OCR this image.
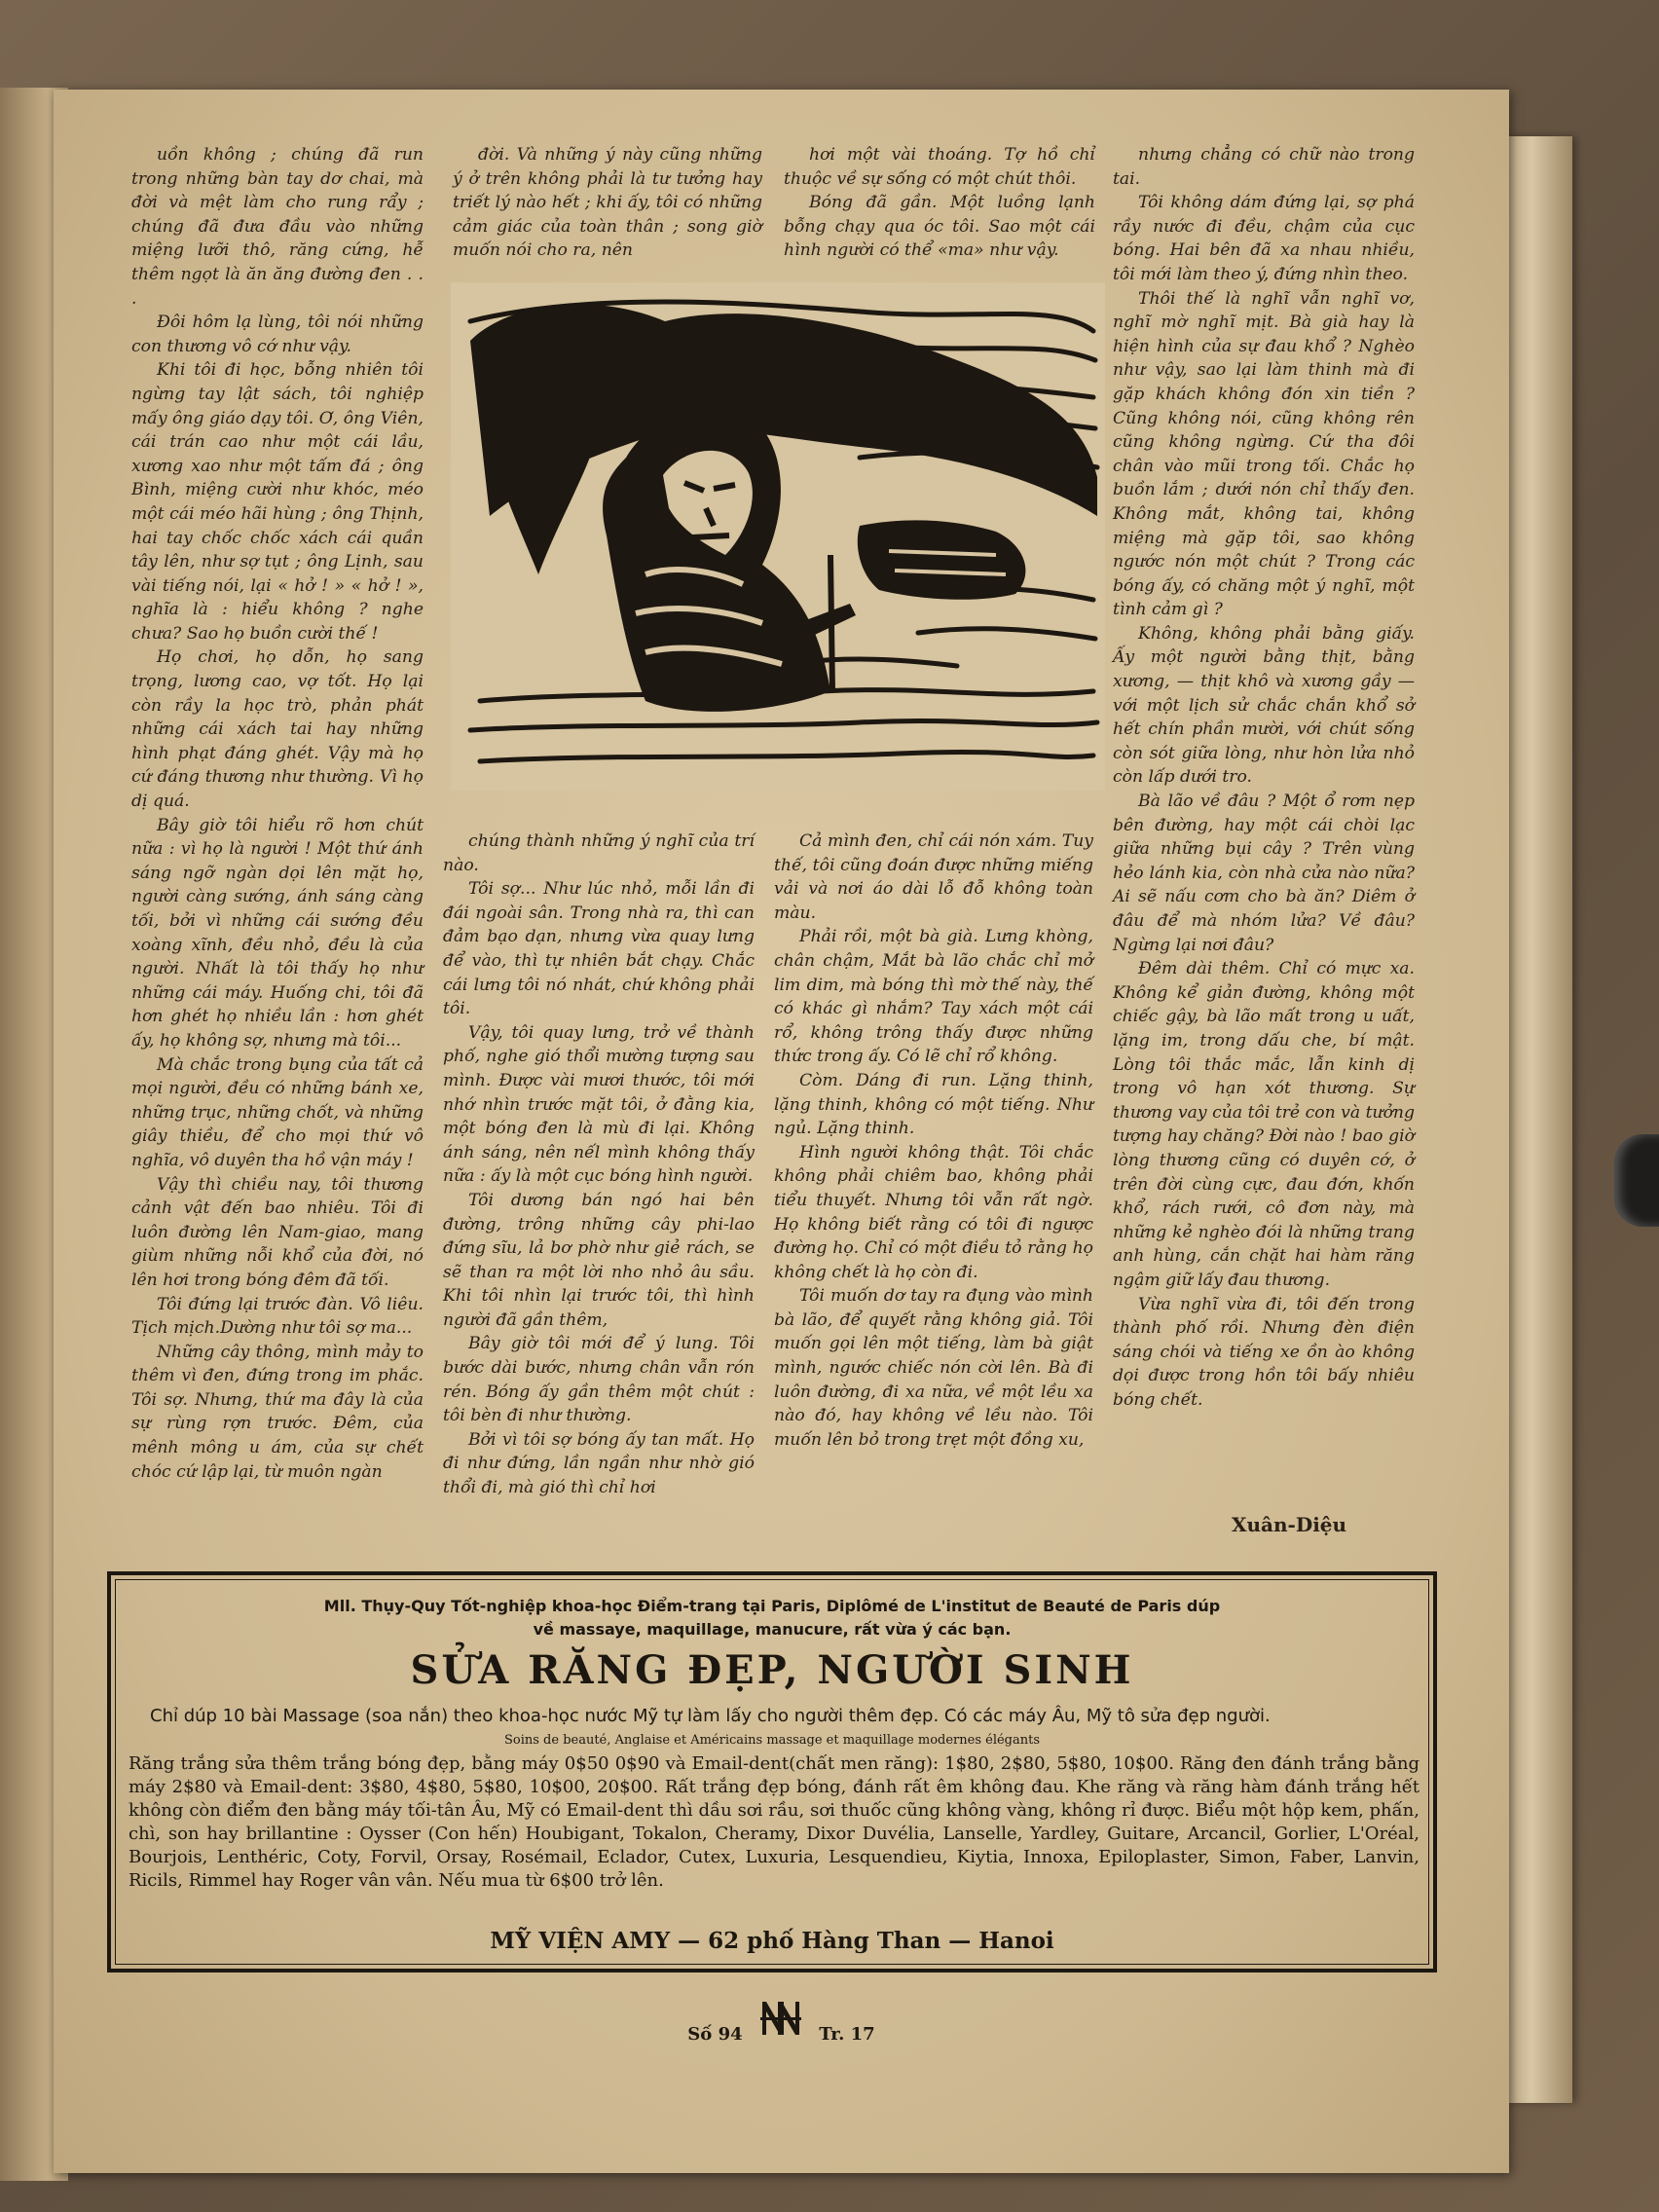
uồn không ; chúng đã run trong những bàn tay dơ chai, mà đời và mệt làm cho rung rẩy ; chúng đã đưa đầu vào những miệng lưỡi thô, răng cứng, hễ thêm ngọt là ăn ăng đường đen . . .

Đôi hôm lạ lùng, tôi nói những con thương vô cớ như vậy.

Khi tôi đi học, bỗng nhiên tôi ngừng tay lật sách, tôi nghiệp mấy ông giáo dạy tôi. Ơ, ông Viên, cái trán cao như một cái lầu, xương xao như một tấm đá ; ông Bình, miệng cười như khóc, méo một cái méo hãi hùng ; ông Thịnh, hai tay chốc chốc xách cái quần tây lên, như sợ tụt ; ông Lịnh, sau vài tiếng nói, lại « hở ! » « hở ! », nghĩa là : hiểu không ? nghe chưa? Sao họ buồn cười thế !

Họ chơi, họ dỗn, họ sang trọng, lương cao, vợ tốt. Họ lại còn rầy la học trò, phản phát những cái xách tai hay những hình phạt đáng ghét. Vậy mà họ cứ đáng thương như thường. Vì họ dị quá.

Bây giờ tôi hiểu rõ hơn chút nữa : vì họ là người ! Một thứ ánh sáng ngỡ ngàn dọi lên mặt họ, người càng sướng, ánh sáng càng tối, bởi vì những cái sướng đều xoàng xĩnh, đều nhỏ, đều là của người. Nhất là tôi thấy họ như những cái máy. Huống chi, tôi đã hơn ghét họ nhiều lần : hơn ghét ấy, họ không sợ, nhưng mà tôi...

Mà chắc trong bụng của tất cả mọi người, đều có những bánh xe, những trục, những chốt, và những giây thiều, để cho mọi thứ vô nghĩa, vô duyên tha hồ vận máy !

Vậy thì chiều nay, tôi thương cảnh vật đến bao nhiêu. Tôi đi luôn đường lên Nam-giao, mang giùm những nỗi khổ của đời, nó lên hơi trong bóng đêm đã tối.

Tôi đứng lại trước đàn. Vô liêu. Tịch mịch.Dường như tôi sợ ma...

Những cây thông, mình mảy to thêm vì đen, đứng trong im phắc. Tôi sợ. Nhưng, thứ ma đây là của sự rùng rợn trước. Đêm, của mênh mông u ám, của sự chết chóc cứ lập lại, từ muôn ngàn

đời. Và những ý này cũng những ý ở trên không phải là tư tưởng hay triết lý nào hết ; khi ấy, tôi có những cảm giác của toàn thân ; song giờ muốn nói cho ra, nên

hơi một vài thoáng. Tợ hồ chỉ thuộc về sự sống có một chút thôi.

Bóng đã gần. Một luồng lạnh bỗng chạy qua óc tôi. Sao một cái hình người có thể «ma» như vậy.

nhưng chẳng có chữ nào trong tai.

Tôi không dám đứng lại, sợ phá rầy nước đi đều, chậm của cục bóng. Hai bên đã xa nhau nhiều, tôi mới làm theo ý, đứng nhìn theo.

Thôi thế là nghĩ vẫn nghĩ vơ, nghĩ mờ nghĩ mịt. Bà già hay là hiện hình của sự đau khổ ? Nghèo như vậy, sao lại làm thinh mà đi gặp khách không đón xin tiền ? Cũng không nói, cũng không rên cũng không ngừng. Cứ tha đôi chân vào mũi trong tối. Chắc họ buồn lắm ; dưới nón chỉ thấy đen. Không mắt, không tai, không miệng mà gặp tôi, sao không ngước nón một chút ? Trong các bóng ấy, có chăng một ý nghĩ, một tình cảm gì ?

Không, không phải bằng giấy. Ấy một người bằng thịt, bằng xương, — thịt khô và xương gầy — với một lịch sử chắc chắn khổ sở hết chín phần mười, với chút sống còn sót giữa lòng, như hòn lửa nhỏ còn lấp dưới tro.

Bà lão về đâu ? Một ổ rơm nẹp bên đường, hay một cái chòi lạc giữa những bụi cây ? Trên vùng hẻo lánh kia, còn nhà cửa nào nữa? Ai sẽ nấu cơm cho bà ăn? Diêm ở đâu để mà nhóm lửa? Về đâu? Ngừng lại nơi đâu?

Đêm dài thêm. Chỉ có mực xa. Không kể giản đường, không một chiếc gậy, bà lão mất trong u uất, lặng im, trong dấu che, bí mật. Lòng tôi thắc mắc, lẫn kinh dị trong vô hạn xót thương. Sự thương vay của tôi trẻ con và tưởng tượng hay chăng? Đời nào ! bao giờ lòng thương cũng có duyên cớ, ở trên đời cùng cực, đau đớn, khốn khổ, rách rưới, cô đơn này, mà những kẻ nghèo đói là những trang anh hùng, cắn chặt hai hàm răng ngậm giữ lấy đau thương.

Vừa nghĩ vừa đi, tôi đến trong thành phố rồi. Nhưng đèn điện sáng chói và tiếng xe ồn ào không dọi được trong hồn tôi bấy nhiêu bóng chết.

chúng thành những ý nghĩ của trí nào.

Tôi sợ... Như lúc nhỏ, mỗi lần đi đái ngoài sân. Trong nhà ra, thì can đảm bạo dạn, nhưng vừa quay lưng để vào, thì tự nhiên bắt chạy. Chắc cái lưng tôi nó nhát, chứ không phải tôi.

Vậy, tôi quay lưng, trở về thành phố, nghe gió thổi mường tượng sau mình. Được vài mươi thước, tôi mới nhớ nhìn trước mặt tôi, ở đằng kia, một bóng đen là mù đi lại. Không ánh sáng, nên nếl mình không thấy nữa : ấy là một cục bóng hình người.

Tôi dương bán ngó hai bên đường, trông những cây phi-lao đứng sĩu, lả bơ phờ như giẻ rách, se sẽ than ra một lời nho nhỏ âu sầu. Khi tôi nhìn lại trước tôi, thì hình người đã gần thêm,

Bây giờ tôi mới để ý lung. Tôi bước dài bước, nhưng chân vẫn rón rén. Bóng ấy gần thêm một chút : tôi bèn đi như thường.

Bởi vì tôi sợ bóng ấy tan mất. Họ đi như đứng, lần ngần như nhờ gió thổi đi, mà gió thì chỉ hơi

Cả mình đen, chỉ cái nón xám. Tuy thế, tôi cũng đoán được những miếng vải và nơi áo dài lỗ đỗ không toàn màu.

Phải rồi, một bà già. Lưng khòng, chân chậm, Mắt bà lão chắc chỉ mở lim dim, mà bóng thì mờ thế này, thế có khác gì nhắm? Tay xách một cái rổ, không trông thấy được những thức trong ấy. Có lẽ chỉ rổ không.

Còm. Dáng đi run. Lặng thinh, lặng thinh, không có một tiếng. Như ngủ. Lặng thinh.

Hình người không thật. Tôi chắc không phải chiêm bao, không phải tiểu thuyết. Nhưng tôi vẫn rất ngờ. Họ không biết rằng có tôi đi ngược đường họ. Chỉ có một điều tỏ rằng họ không chết là họ còn đi.

Tôi muốn dơ tay ra đụng vào mình bà lão, để quyết rằng không giả. Tôi muốn gọi lên một tiếng, làm bà giật mình, ngước chiếc nón cời lên. Bà đi luôn đường, đi xa nữa, về một lều xa nào đó, hay không về lều nào. Tôi muốn lên bỏ trong trẹt một đồng xu,

Xuân-Diệu
Mll. Thụy-Quy Tốt-nghiệp khoa-học Điểm-trang tại Paris, Diplômé de L'institut de Beauté de Paris dúp
về massaye, maquillage, manucure, rất vừa ý các bạn.
SỬA RĂNG ĐẸP, NGƯỜI SINH
Chỉ dúp 10 bài Massage (soa nắn) theo khoa-học nước Mỹ tự làm lấy cho người thêm đẹp. Có các máy Âu, Mỹ tô sửa đẹp người.
Soins de beauté, Anglaise et Américains massage et maquillage modernes élégants
Răng trắng sửa thêm trắng bóng đẹp, bằng máy 0$50 0$90 và Email-dent(chất men răng): 1$80, 2$80, 5$80, 10$00. Răng đen đánh trắng bằng máy 2$80 và Email-dent: 3$80, 4$80, 5$80, 10$00, 20$00. Rất trắng đẹp bóng, đánh rất êm không đau. Khe răng và răng hàm đánh trắng hết không còn điểm đen bằng máy tối-tân Âu, Mỹ có Email-dent thì dầu sơi rầu, sơi thuốc cũng không vàng, không rỉ được. Biểu một hộp kem, phấn, chì, son hay brillantine : Oysser (Con hến) Houbigant, Tokalon, Cheramy, Dixor Duvélia, Lanselle, Yardley, Guitare, Arcancil, Gorlier, L'Oréal, Bourjois, Lenthéric, Coty, Forvil, Orsay, Rosémail, Eclador, Cutex, Luxuria, Lesquendieu, Kiytia, Innoxa, Epiloplaster, Simon, Faber, Lanvin, Ricils, Rimmel hay Roger vân vân. Nếu mua từ 6$00 trở lên.
MỸ VIỆN AMY — 62 phố Hàng Than — Hanoi
Số 94	Tr. 17
